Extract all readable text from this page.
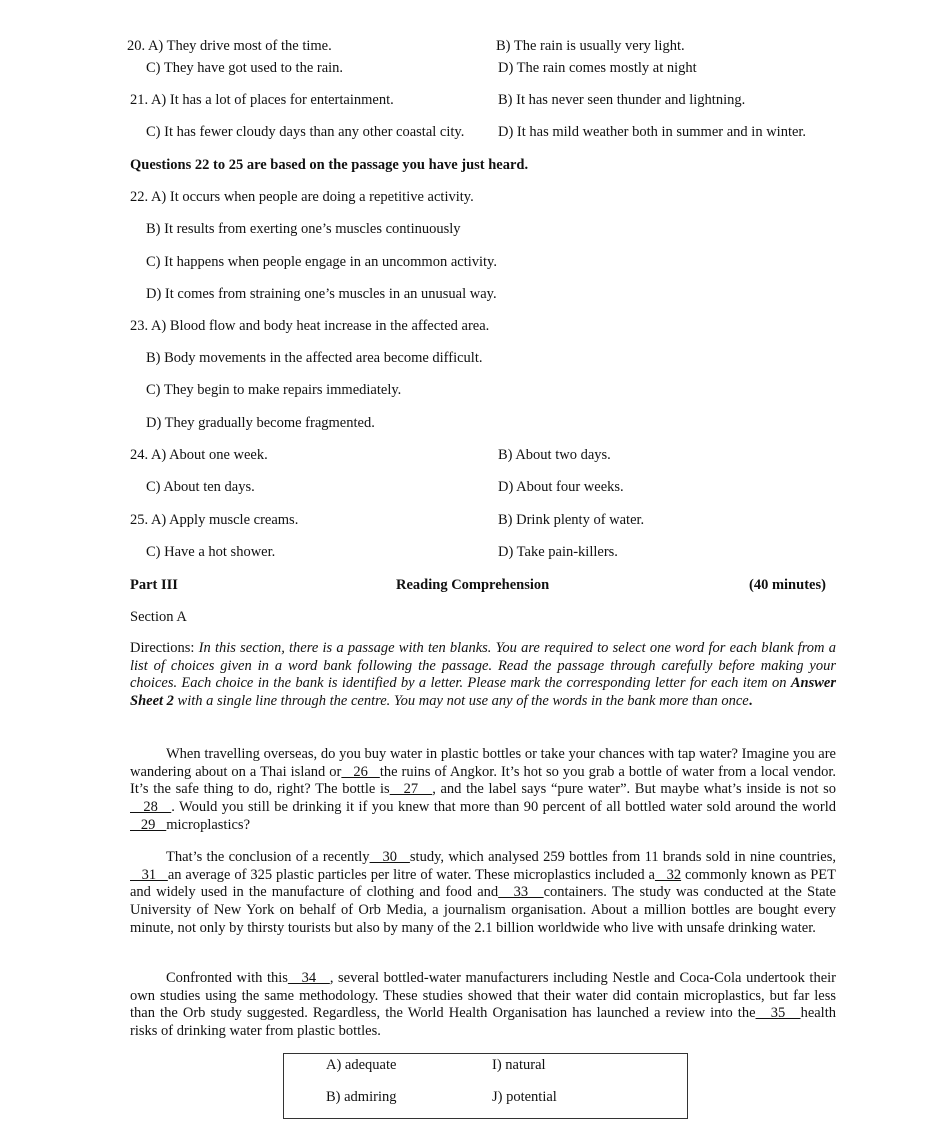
20. A) They drive most of the time.	B) The rain is usually very light.
C) They have got used to the rain.	D) The rain comes mostly at night
21. A) It has a lot of places for entertainment.	B) It has never seen thunder and lightning.
C) It has fewer cloudy days than any other coastal city. D) It has mild weather both in summer and in winter.
Questions 22 to 25 are based on the passage you have just heard.
22. A) It occurs when people are doing a repetitive activity.
B) It results from exerting one’s muscles continuously
C) It happens when people engage in an uncommon activity.
D) It comes from straining one’s muscles in an unusual way.
23. A) Blood flow and body heat increase in the affected area.
B) Body movements in the affected area become difficult.
C) They begin to make repairs immediately.
D) They gradually become fragmented.
24. A) About one week.	B) About two days.
C) About ten days.	D) About four weeks.
25. A) Apply muscle creams.	B) Drink plenty of water.
C) Have a hot shower.	D) Take pain-killers.
Part III	Reading Comprehension	(40 minutes)
Section A
Directions: In this section, there is a passage with ten blanks. You are required to select one word for each blank from a list of choices given in a word bank following the passage. Read the passage through carefully before making your choices. Each choice in the bank is identified by a letter. Please mark the corresponding letter for each item on Answer Sheet 2 with a single line through the centre. You may not use any of the words in the bank more than once.
When travelling overseas, do you buy water in plastic bottles or take your chances with tap water? Imagine you are wandering about on a Thai island or   26   the ruins of Angkor. It’s hot so you grab a bottle of water from a local vendor. It’s the safe thing to do, right? The bottle is   27   , and the label says “pure water”. But maybe what’s inside is not so   28   . Would you still be drinking it if you knew that more than 90 percent of all bottled water sold around the world   29   microplastics?
That’s the conclusion of a recently   30   study, which analysed 259 bottles from 11 brands sold in nine countries,   31   an average of 325 plastic particles per litre of water. These microplastics included a   32 commonly known as PET and widely used in the manufacture of clothing and food and   33   containers. The study was conducted at the State University of New York on behalf of Orb Media, a journalism organisation. About a million bottles are bought every minute, not only by thirsty tourists but also by many of the 2.1 billion worldwide who live with unsafe drinking water.
Confronted with this   34   , several bottled-water manufacturers including Nestle and Coca-Cola undertook their own studies using the same methodology. These studies showed that their water did contain microplastics, but far less than the Orb study suggested. Regardless, the World Health Organisation has launched a review into the   35   health risks of drinking water from plastic bottles.
A) adequate	I) natural
B) admiring	J) potential
